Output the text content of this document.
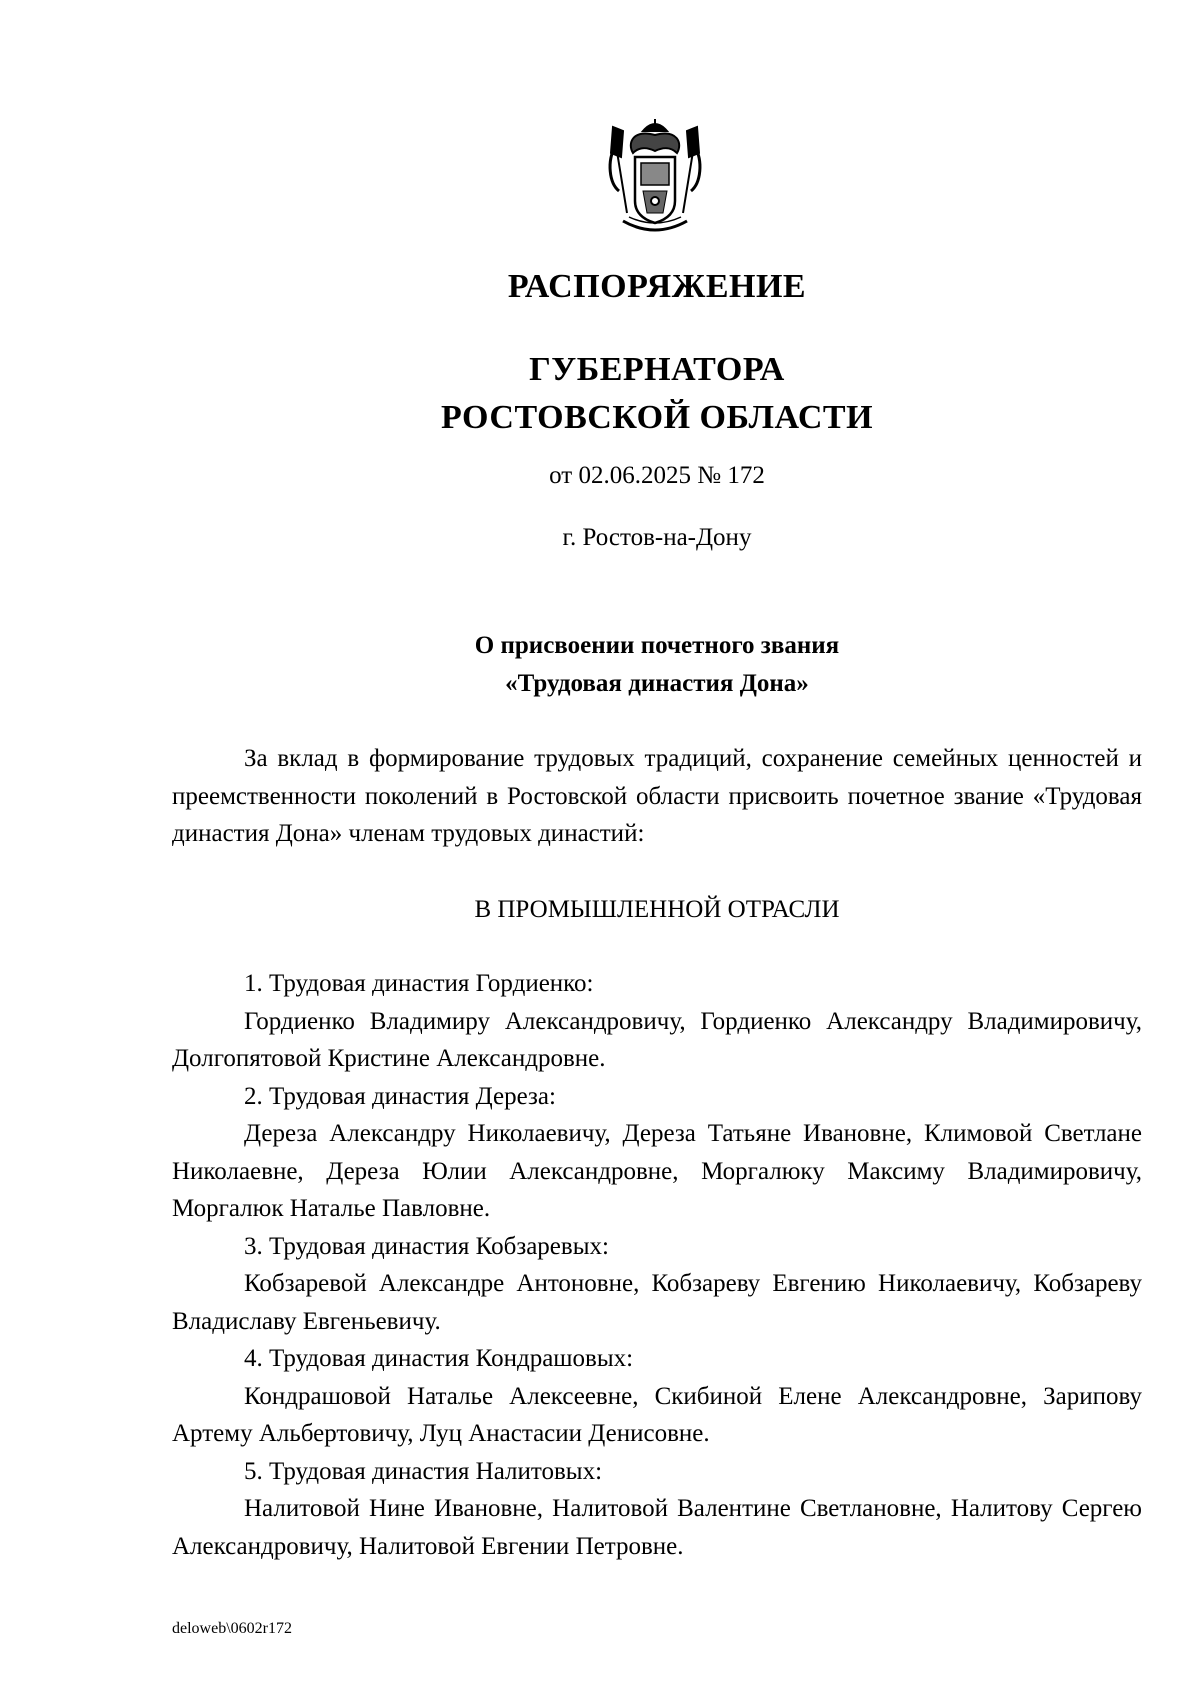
РАСПОРЯЖЕНИЕ
ГУБЕРНАТОРА
РОСТОВСКОЙ ОБЛАСТИ
от 02.06.2025 № 172
г. Ростов-на-Дону
О присвоении почетного звания
«Трудовая династия Дона»

За вклад в формирование трудовых традиций, сохранение семейных ценностей и преемственности поколений в Ростовской области присвоить почетное звание «Трудовая династия Дона» членам трудовых династий:

В ПРОМЫШЛЕННОЙ ОТРАСЛИ

1. Трудовая династия Гордиенко:

Гордиенко Владимиру Александровичу, Гордиенко Александру Владимировичу, Долгопятовой Кристине Александровне.

2. Трудовая династия Дереза:

Дереза Александру Николаевичу, Дереза Татьяне Ивановне, Климовой Светлане Николаевне, Дереза Юлии Александровне, Моргалюку Максиму Владимировичу, Моргалюк Наталье Павловне.

3. Трудовая династия Кобзаревых:

Кобзаревой Александре Антоновне, Кобзареву Евгению Николаевичу, Кобзареву Владиславу Евгеньевичу.

4. Трудовая династия Кондрашовых:

Кондрашовой Наталье Алексеевне, Скибиной Елене Александровне, Зарипову Артему Альбертовичу, Луц Анастасии Денисовне.

5. Трудовая династия Налитовых:

Налитовой Нине Ивановне, Налитовой Валентине Светлановне, Налитову Сергею Александровичу, Налитовой Евгении Петровне.

deloweb\0602r172
